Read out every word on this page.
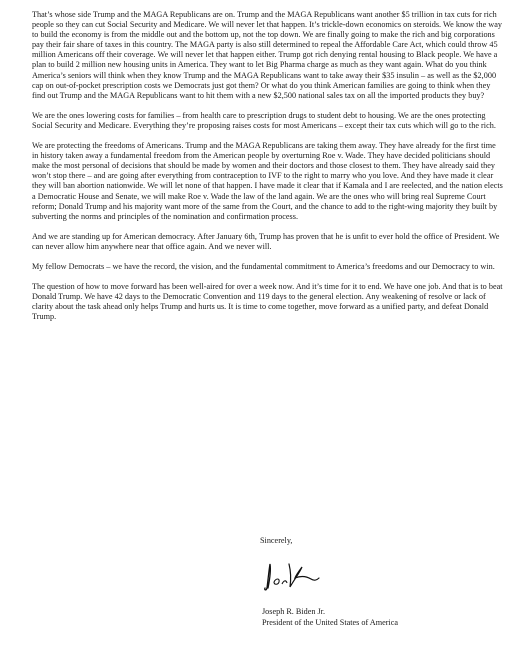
That’s whose side Trump and the MAGA Republicans are on. Trump and the MAGA Republicans want another $5 trillion in tax cuts for rich people so they can cut Social Security and Medicare. We will never let that happen. It’s trickle-down economics on steroids. We know the way to build the economy is from the middle out and the bottom up, not the top down. We are finally going to make the rich and big corporations pay their fair share of taxes in this country. The MAGA party is also still determined to repeal the Affordable Care Act, which could throw 45 million Americans off their coverage. We will never let that happen either. Trump got rich denying rental housing to Black people. We have a plan to build 2 million new housing units in America. They want to let Big Pharma charge as much as they want again. What do you think America’s seniors will think when they know Trump and the MAGA Republicans want to take away their $35 insulin – as well as the $2,000 cap on out-of-pocket prescription costs we Democrats just got them? Or what do you think American families are going to think when they find out Trump and the MAGA Republicans want to hit them with a new $2,500 national sales tax on all the imported products they buy?

We are the ones lowering costs for families – from health care to prescription drugs to student debt to housing. We are the ones protecting Social Security and Medicare. Everything they’re proposing raises costs for most Americans – except their tax cuts which will go to the rich.

We are protecting the freedoms of Americans. Trump and the MAGA Republicans are taking them away. They have already for the first time in history taken away a fundamental freedom from the American people by overturning Roe v. Wade. They have decided politicians should make the most personal of decisions that should be made by women and their doctors and those closest to them. They have already said they won’t stop there – and are going after everything from contraception to IVF to the right to marry who you love. And they have made it clear they will ban abortion nationwide. We will let none of that happen. I have made it clear that if Kamala and I are reelected, and the nation elects a Democratic House and Senate, we will make Roe v. Wade the law of the land again. We are the ones who will bring real Supreme Court reform; Donald Trump and his majority want more of the same from the Court, and the chance to add to the right-wing majority they built by subverting the norms and principles of the nomination and confirmation process.

And we are standing up for American democracy. After January 6th, Trump has proven that he is unfit to ever hold the office of President. We can never allow him anywhere near that office again. And we never will.

My fellow Democrats – we have the record, the vision, and the fundamental commitment to America’s freedoms and our Democracy to win.

The question of how to move forward has been well-aired for over a week now. And it’s time for it to end. We have one job. And that is to beat Donald Trump. We have 42 days to the Democratic Convention and 119 days to the general election. Any weakening of resolve or lack of clarity about the task ahead only helps Trump and hurts us. It is time to come together, move forward as a unified party, and defeat Donald Trump.

Sincerely,
Joseph R. Biden Jr.
President of the United States of America
